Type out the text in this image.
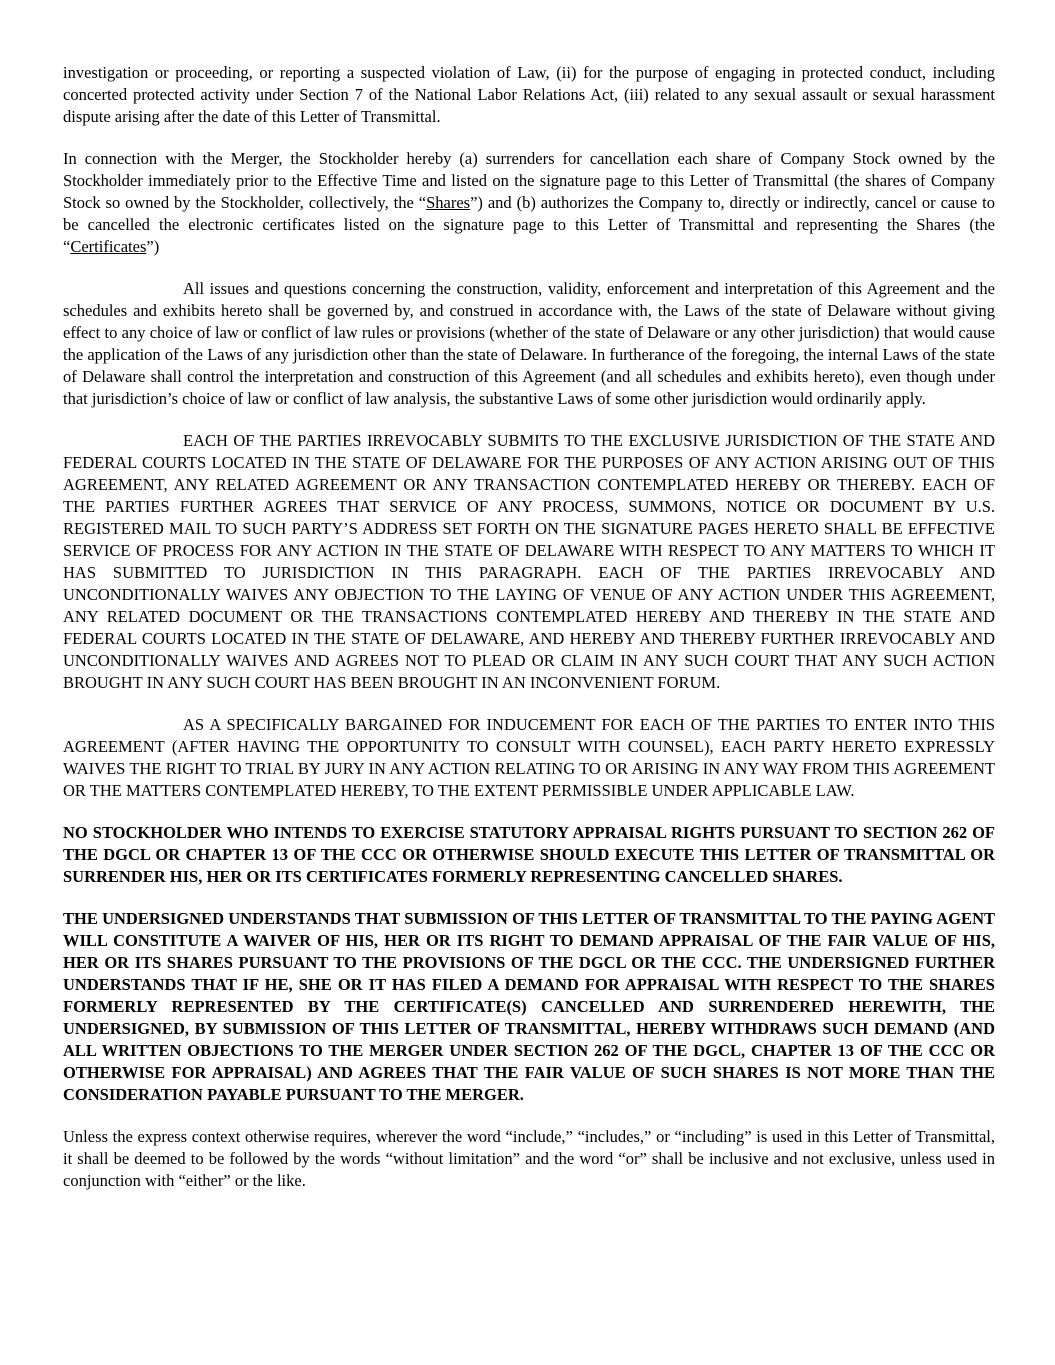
investigation or proceeding, or reporting a suspected violation of Law, (ii) for the purpose of engaging in protected conduct, including concerted protected activity under Section 7 of the National Labor Relations Act, (iii) related to any sexual assault or sexual harassment dispute arising after the date of this Letter of Transmittal.

In connection with the Merger, the Stockholder hereby (a) surrenders for cancellation each share of Company Stock owned by the Stockholder immediately prior to the Effective Time and listed on the signature page to this Letter of Transmittal (the shares of Company Stock so owned by the Stockholder, collectively, the “Shares”) and (b) authorizes the Company to, directly or indirectly, cancel or cause to be cancelled the electronic certificates listed on the signature page to this Letter of Transmittal and representing the Shares (the “Certificates”)

All issues and questions concerning the construction, validity, enforcement and interpretation of this Agreement and the schedules and exhibits hereto shall be governed by, and construed in accordance with, the Laws of the state of Delaware without giving effect to any choice of law or conflict of law rules or provisions (whether of the state of Delaware or any other jurisdiction) that would cause the application of the Laws of any jurisdiction other than the state of Delaware. In furtherance of the foregoing, the internal Laws of the state of Delaware shall control the interpretation and construction of this Agreement (and all schedules and exhibits hereto), even though under that jurisdiction’s choice of law or conflict of law analysis, the substantive Laws of some other jurisdiction would ordinarily apply.

EACH OF THE PARTIES IRREVOCABLY SUBMITS TO THE EXCLUSIVE JURISDICTION OF THE STATE AND FEDERAL COURTS LOCATED IN THE STATE OF DELAWARE FOR THE PURPOSES OF ANY ACTION ARISING OUT OF THIS AGREEMENT, ANY RELATED AGREEMENT OR ANY TRANSACTION CONTEMPLATED HEREBY OR THEREBY. EACH OF THE PARTIES FURTHER AGREES THAT SERVICE OF ANY PROCESS, SUMMONS, NOTICE OR DOCUMENT BY U.S. REGISTERED MAIL TO SUCH PARTY’S ADDRESS SET FORTH ON THE SIGNATURE PAGES HERETO SHALL BE EFFECTIVE SERVICE OF PROCESS FOR ANY ACTION IN THE STATE OF DELAWARE WITH RESPECT TO ANY MATTERS TO WHICH IT HAS SUBMITTED TO JURISDICTION IN THIS PARAGRAPH. EACH OF THE PARTIES IRREVOCABLY AND UNCONDITIONALLY WAIVES ANY OBJECTION TO THE LAYING OF VENUE OF ANY ACTION UNDER THIS AGREEMENT, ANY RELATED DOCUMENT OR THE TRANSACTIONS CONTEMPLATED HEREBY AND THEREBY IN THE STATE AND FEDERAL COURTS LOCATED IN THE STATE OF DELAWARE, AND HEREBY AND THEREBY FURTHER IRREVOCABLY AND UNCONDITIONALLY WAIVES AND AGREES NOT TO PLEAD OR CLAIM IN ANY SUCH COURT THAT ANY SUCH ACTION BROUGHT IN ANY SUCH COURT HAS BEEN BROUGHT IN AN INCONVENIENT FORUM.

AS A SPECIFICALLY BARGAINED FOR INDUCEMENT FOR EACH OF THE PARTIES TO ENTER INTO THIS AGREEMENT (AFTER HAVING THE OPPORTUNITY TO CONSULT WITH COUNSEL), EACH PARTY HERETO EXPRESSLY WAIVES THE RIGHT TO TRIAL BY JURY IN ANY ACTION RELATING TO OR ARISING IN ANY WAY FROM THIS AGREEMENT OR THE MATTERS CONTEMPLATED HEREBY, TO THE EXTENT PERMISSIBLE UNDER APPLICABLE LAW.

NO STOCKHOLDER WHO INTENDS TO EXERCISE STATUTORY APPRAISAL RIGHTS PURSUANT TO SECTION 262 OF THE DGCL OR CHAPTER 13 OF THE CCC OR OTHERWISE SHOULD EXECUTE THIS LETTER OF TRANSMITTAL OR SURRENDER HIS, HER OR ITS CERTIFICATES FORMERLY REPRESENTING CANCELLED SHARES.

THE UNDERSIGNED UNDERSTANDS THAT SUBMISSION OF THIS LETTER OF TRANSMITTAL TO THE PAYING AGENT WILL CONSTITUTE A WAIVER OF HIS, HER OR ITS RIGHT TO DEMAND APPRAISAL OF THE FAIR VALUE OF HIS, HER OR ITS SHARES PURSUANT TO THE PROVISIONS OF THE DGCL OR THE CCC. THE UNDERSIGNED FURTHER UNDERSTANDS THAT IF HE, SHE OR IT HAS FILED A DEMAND FOR APPRAISAL WITH RESPECT TO THE SHARES FORMERLY REPRESENTED BY THE CERTIFICATE(S) CANCELLED AND SURRENDERED HEREWITH, THE UNDERSIGNED, BY SUBMISSION OF THIS LETTER OF TRANSMITTAL, HEREBY WITHDRAWS SUCH DEMAND (AND ALL WRITTEN OBJECTIONS TO THE MERGER UNDER SECTION 262 OF THE DGCL, CHAPTER 13 OF THE CCC OR OTHERWISE FOR APPRAISAL) AND AGREES THAT THE FAIR VALUE OF SUCH SHARES IS NOT MORE THAN THE CONSIDERATION PAYABLE PURSUANT TO THE MERGER.

Unless the express context otherwise requires, wherever the word “include,” “includes,” or “including” is used in this Letter of Transmittal, it shall be deemed to be followed by the words “without limitation” and the word “or” shall be inclusive and not exclusive, unless used in conjunction with “either” or the like.
